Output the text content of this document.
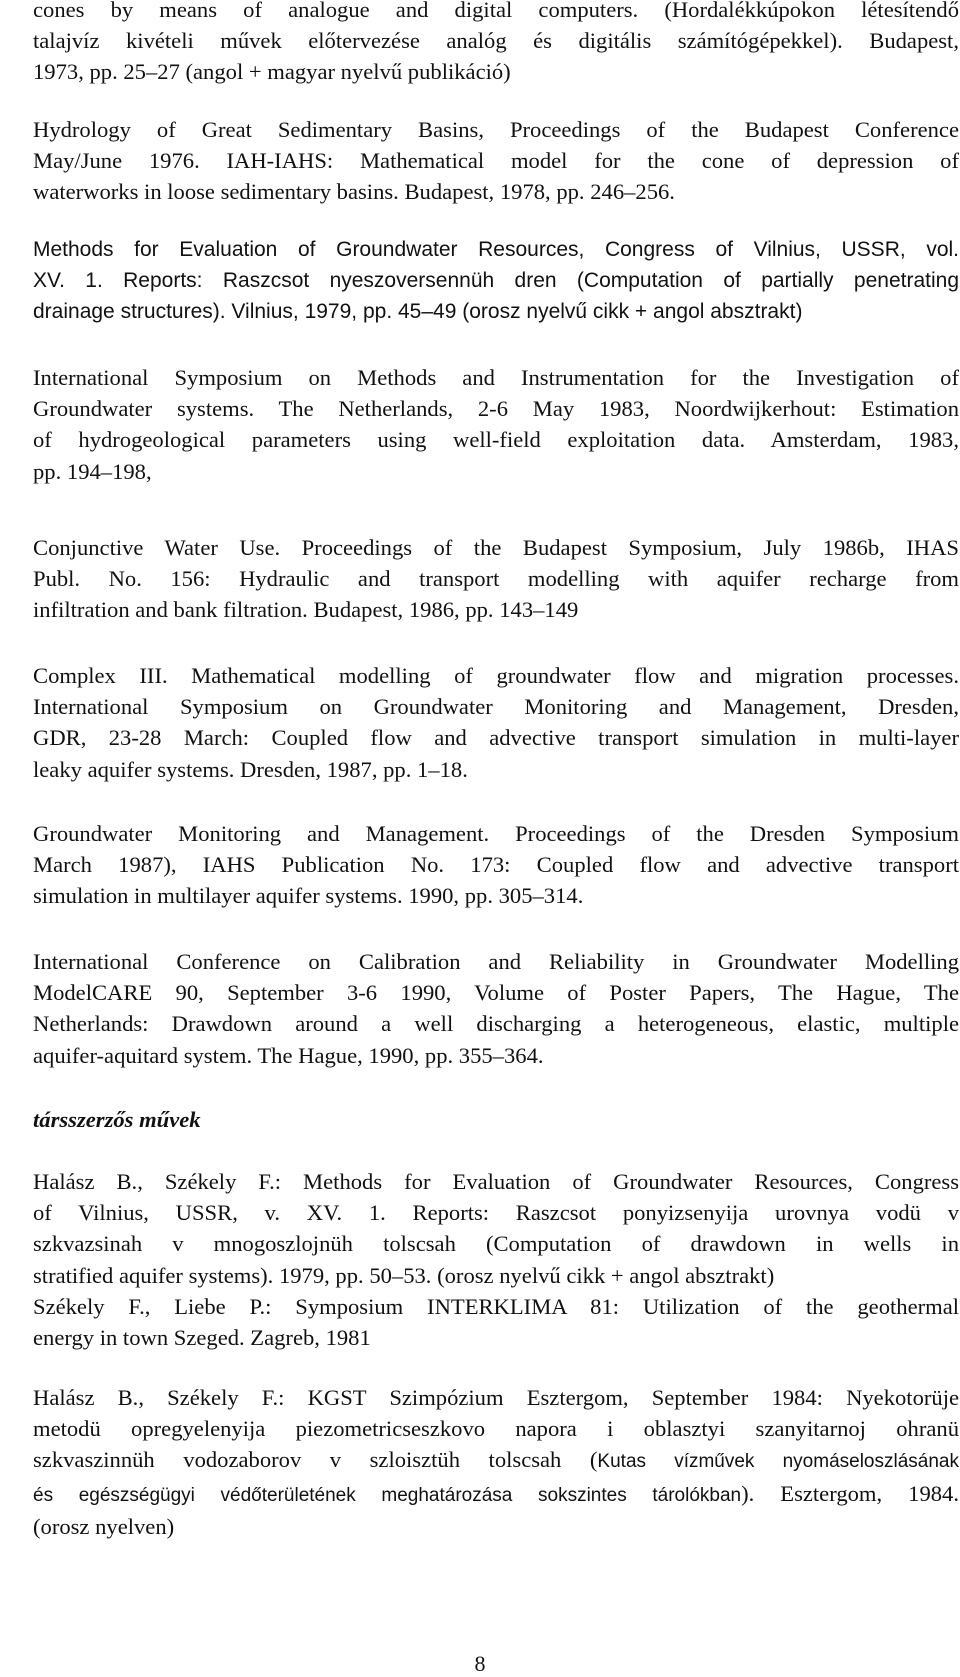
cones by means of analogue and digital computers. (Hordalékkúpokon létesítendő
talajvíz kivételi művek előtervezése analóg és digitális számítógépekkel). Budapest,
1973, pp. 25–27 (angol + magyar nyelvű publikáció)

Hydrology of Great Sedimentary Basins, Proceedings of the Budapest Conference
May/June 1976. IAH-IAHS: Mathematical model for the cone of depression of
waterworks in loose sedimentary basins. Budapest, 1978, pp. 246–256.

Methods for Evaluation of Groundwater Resources, Congress of Vilnius, USSR, vol.
XV. 1. Reports: Raszcsot nyeszoversennüh dren (Computation of partially penetrating
drainage structures). Vilnius, 1979, pp. 45–49 (orosz nyelvű cikk + angol absztrakt)

International Symposium on Methods and Instrumentation for the Investigation of
Groundwater systems. The Netherlands, 2-6 May 1983, Noordwijkerhout: Estimation
of hydrogeological parameters using well-field exploitation data. Amsterdam, 1983,
pp. 194–198,

Conjunctive Water Use. Proceedings of the Budapest Symposium, July 1986b, IHAS
Publ. No. 156: Hydraulic and transport modelling with aquifer recharge from
infiltration and bank filtration. Budapest, 1986, pp. 143–149

Complex III. Mathematical modelling of groundwater flow and migration processes.
International Symposium on Groundwater Monitoring and Management, Dresden,
GDR, 23-28 March: Coupled flow and advective transport simulation in multi-layer
leaky aquifer systems. Dresden, 1987, pp. 1–18.

Groundwater Monitoring and Management. Proceedings of the Dresden Symposium
March 1987), IAHS Publication No. 173: Coupled flow and advective transport
simulation in multilayer aquifer systems. 1990, pp. 305–314.

International Conference on Calibration and Reliability in Groundwater Modelling
ModelCARE 90, September 3-6 1990, Volume of Poster Papers, The Hague, The
Netherlands: Drawdown around a well discharging a heterogeneous, elastic, multiple
aquifer-aquitard system. The Hague, 1990, pp. 355–364.

társszerzős művek

Halász B., Székely F.: Methods for Evaluation of Groundwater Resources, Congress
of Vilnius, USSR, v. XV. 1. Reports: Raszcsot ponyizsenyija urovnya vodü v
szkvazsinah v mnogoszlojnüh tolscsah (Computation of drawdown in wells in
stratified aquifer systems). 1979, pp. 50–53. (orosz nyelvű cikk + angol absztrakt)
Székely F., Liebe P.: Symposium INTERKLIMA 81: Utilization of the geothermal
energy in town Szeged. Zagreb, 1981

Halász B., Székely F.: KGST Szimpózium Esztergom, September 1984: Nyekotorüje
metodü opregyelenyija piezometricseszkovo napora i oblasztyi szanyitarnoj ohranü
szkvaszinnüh vodozaborov v szloisztüh tolscsah (Kutas vízművek nyomáseloszlásának
és egészségügyi védőterületének meghatározása sokszintes tárolókban). Esztergom, 1984.
(orosz nyelven)

8
